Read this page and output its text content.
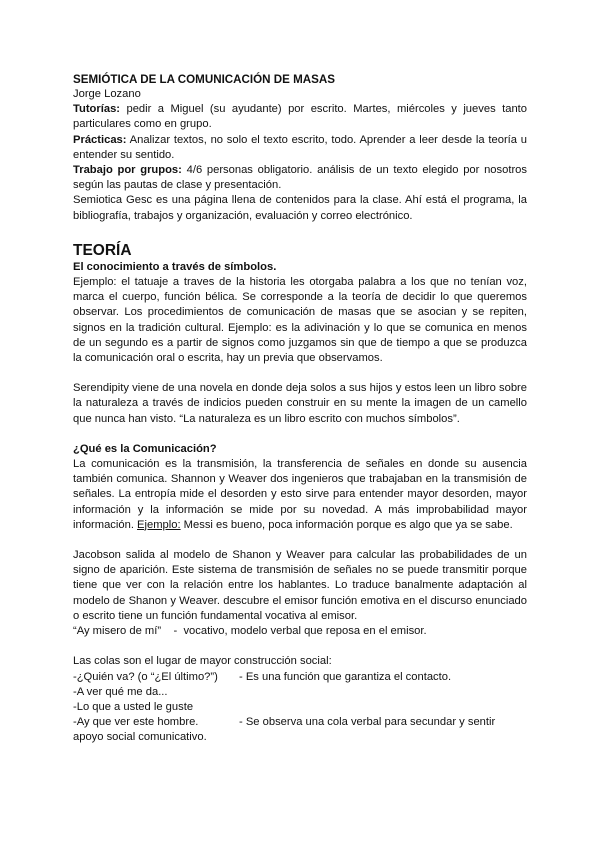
SEMIÓTICA DE LA COMUNICACIÓN DE MASAS

Jorge Lozano

Tutorías: pedir a Miguel (su ayudante) por escrito. Martes, miércoles y jueves tanto particulares como en grupo.

Prácticas: Analizar textos, no solo el texto escrito, todo. Aprender a leer desde la teoría u entender su sentido.

Trabajo por grupos: 4/6 personas obligatorio. análisis de un texto elegido por nosotros según las pautas de clase y presentación.

Semiotica Gesc es una página llena de contenidos para la clase. Ahí está el programa, la bibliografía, trabajos y organización, evaluación y correo electrónico.

TEORÍA

El conocimiento a través de símbolos.

Ejemplo: el tatuaje a traves de la historia les otorgaba palabra a los que no tenían voz, marca el cuerpo, función bélica. Se corresponde a la teoría de decidir lo que queremos observar. Los procedimientos de comunicación de masas que se asocian y se repiten, signos en la tradición cultural. Ejemplo: es la adivinación y lo que se comunica en menos de un segundo es a partir de signos como juzgamos sin que de tiempo a que se produzca la comunicación oral o escrita, hay un previa que observamos.

Serendipity viene de una novela en donde deja solos a sus hijos y estos leen un libro sobre la naturaleza a través de indicios pueden construir en su mente la imagen de un camello que nunca han visto. “La naturaleza es un libro escrito con muchos símbolos”.

¿Qué es la Comunicación?

La comunicación es la transmisión, la transferencia de señales en donde su ausencia también comunica. Shannon y Weaver dos ingenieros que trabajaban en la transmisión de señales. La entropía mide el desorden y esto sirve para entender mayor desorden, mayor información y la información se mide por su novedad. A más improbabilidad mayor información. Ejemplo: Messi es bueno, poca información porque es algo que ya se sabe.

Jacobson salida al modelo de Shanon y Weaver para calcular las probabilidades de un signo de aparición. Este sistema de transmisión de señales no se puede transmitir porque tiene que ver con la relación entre los hablantes. Lo traduce banalmente adaptación al modelo de Shanon y Weaver. descubre el emisor función emotiva en el discurso enunciado o escrito tiene un función fundamental vocativa al emisor.

“Ay misero de mí”    -  vocativo, modelo verbal que reposa en el emisor.

Las colas son el lugar de mayor construcción social:

-¿Quién va? (o “¿El último?”)	- Es una función que garantiza el contacto.

-A ver qué me da...

-Lo que a usted le guste

-Ay que ver este hombre.	- Se observa una cola verbal para secundar y sentir apoyo social comunicativo.
